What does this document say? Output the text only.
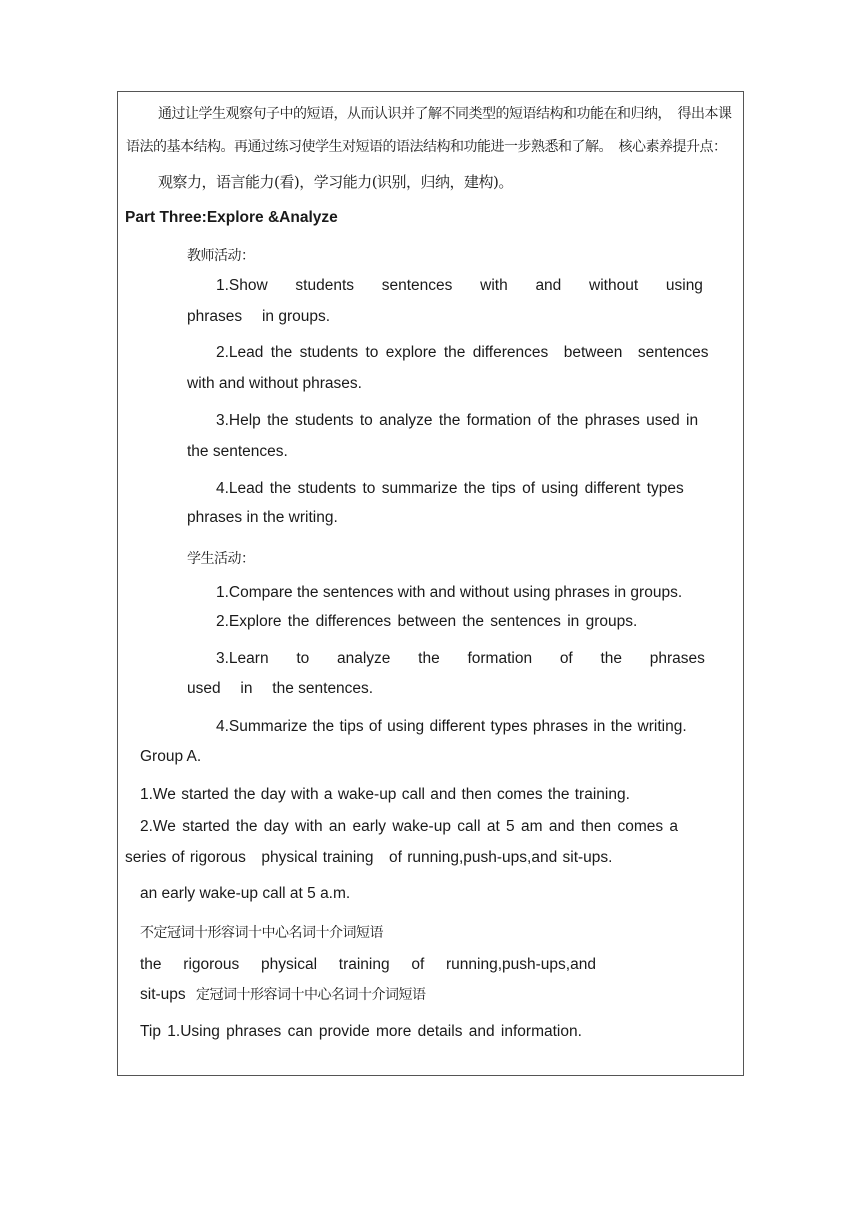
通过让学生观察句子中的短语，从而认识并了解不同类型的短语结构和功能在和归纳，　得出本课
语法的基本结构。再通过练习使学生对短语的语法结构和功能进一步熟悉和了解。　核心素养提升点：
观察力，语言能力(看)，学习能力(识别，归纳，建构)。
Part Three:Explore &Analyze
教师活动：
1.Show students sentences with and without using
phrases　 in groups.
2.Lead the students to explore the differences　between　sentences
with and without phrases.
3.Help the students to analyze the formation of the phrases used in
the sentences.
4.Lead the students to summarize the tips of using different types
phrases in the writing.
学生活动：
1.Compare the sentences with and without using phrases in groups.
2.Explore the differences between the sentences in groups.
3.Learn to analyze the formation of the phrases
used　 in　 the sentences.
4.Summarize the tips of using different types phrases in the writing.
Group A.
1.We started the day with a wake-up call and then comes the training.
2.We started the day with an early wake-up call at 5 am and then comes a
series of rigorous　physical training　of running,push-ups,and sit-ups.
an early wake-up call at 5 a.m.
不定冠词十形容词十中心名词十介词短语
the rigorous physical training of running,push-ups,and
sit-ups 定冠词十形容词十中心名词十介词短语
Tip 1.Using phrases can provide more details and information.
